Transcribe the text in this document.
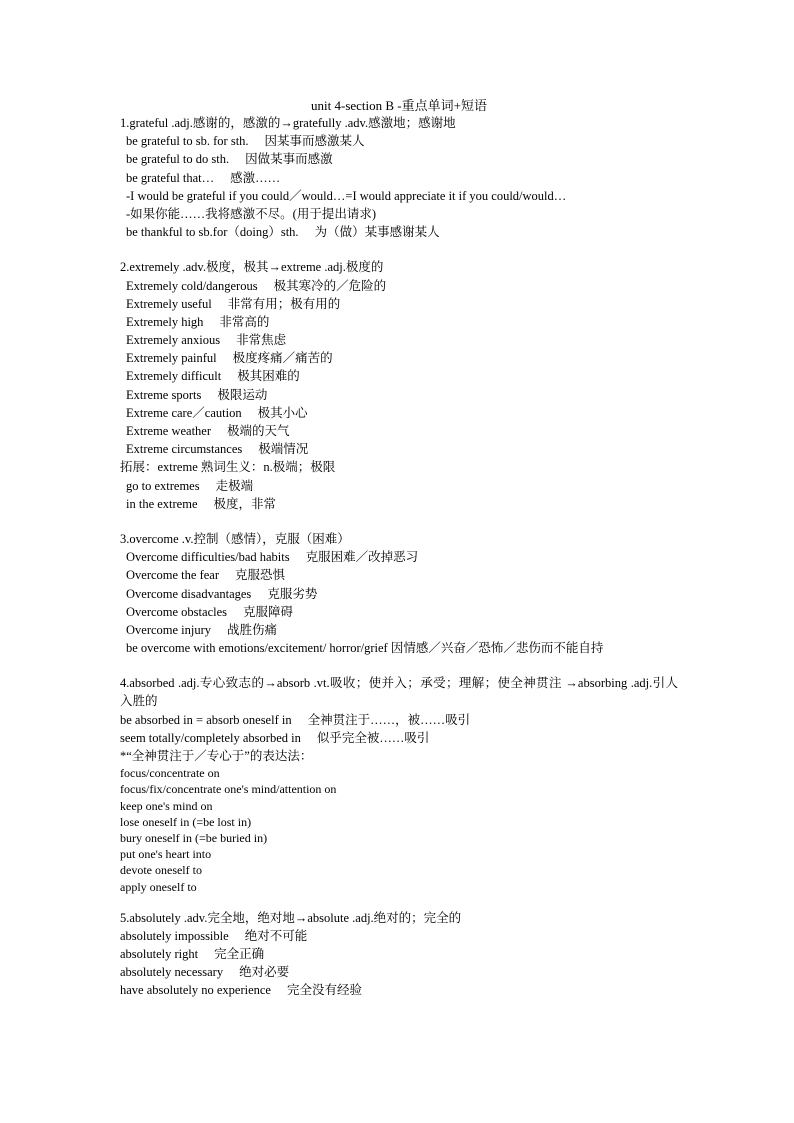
unit 4-section B -重点单词+短语
1.grateful .adj.感谢的，感激的→gratefully .adv.感激地；感谢地
be grateful to sb. for sth. 因某事而感激某人
be grateful to do sth. 因做某事而感激
be grateful that… 感激……
-I would be grateful if you could／would…=I would appreciate it if you could/would…
-如果你能……我将感激不尽。(用于提出请求)
be thankful to sb.for（doing）sth. 为（做）某事感谢某人
2.extremely .adv.极度，极其→extreme .adj.极度的
Extremely cold/dangerous 极其寒冷的／危险的
Extremely useful 非常有用；极有用的
Extremely high 非常高的
Extremely anxious 非常焦虑
Extremely painful 极度疼痛／痛苦的
Extremely difficult 极其困难的
Extreme sports 极限运动
Extreme care／caution 极其小心
Extreme weather 极端的天气
Extreme circumstances 极端情况
拓展：extreme 熟词生义：n.极端；极限
go to extremes 走极端
in the extreme 极度，非常
3.overcome .v.控制（感情），克服（困难）
Overcome difficulties/bad habits 克服困难／改掉恶习
Overcome the fear 克服恐惧
Overcome disadvantages 克服劣势
Overcome obstacles 克服障碍
Overcome injury 战胜伤痛
be overcome with emotions/excitement/ horror/grief 因情感／兴奋／恐怖／悲伤而不能自持
4.absorbed .adj.专心致志的→absorb .vt.吸收；使并入；承受；理解；使全神贯注 →absorbing .adj.引人入胜的
be absorbed in = absorb oneself in 全神贯注于……，被……吸引
seem totally/completely absorbed in 似乎完全被……吸引
*“全神贯注于／专心于”的表达法：
focus/concentrate on
focus/fix/concentrate one's mind/attention on
keep one's mind on
lose oneself in (=be lost in)
bury oneself in (=be buried in)
put one's heart into
devote oneself to
apply oneself to
5.absolutely .adv.完全地，绝对地→absolute .adj.绝对的；完全的
absolutely impossible 绝对不可能
absolutely right 完全正确
absolutely necessary 绝对必要
have absolutely no experience 完全没有经验
